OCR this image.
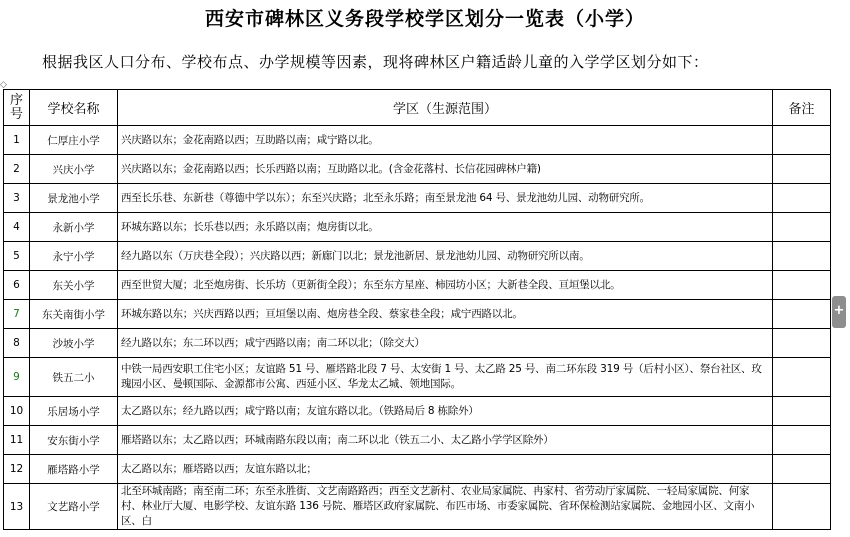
西安市碑林区义务段学校学区划分一览表（小学）
根据我区人口分布、学校布点、办学规模等因素，现将碑林区户籍适龄儿童的入学学区划分如下：
◇
序号	学校名称	学区（生源范围）	备注
1	仁厚庄小学	兴庆路以东；金花南路以西；互助路以南；咸宁路以北。	
2	兴庆小学	兴庆路以东；金花南路以西；长乐西路以南；互助路以北。(含金花落村、长信花园碑林户籍)	
3	景龙池小学	西至长乐巷、东新巷（尊德中学以东）；东至兴庆路；北至永乐路；南至景龙池 64 号、景龙池幼儿园、动物研究所。	
4	永新小学	环城东路以东；长乐巷以西；永乐路以南；炮房街以北。	
5	永宁小学	经九路以东（万庆巷全段）；兴庆路以西；新廊门以北；景龙池新居、景龙池幼儿园、动物研究所以南。	
6	东关小学	西至世贸大厦；北至炮房街、长乐坊（更新街全段）；东至东方星座、柿园坊小区；大新巷全段、亘垣堡以北。	
7	东关南街小学	环城东路以东；兴庆西路以西；亘垣堡以南、炮房巷全段、蔡家巷全段；咸宁西路以北。	
8	沙坡小学	经九路以东；东二环以西；咸宁西路以南；南二环以北；（除交大）	
9	铁五二小	中铁一局西安职工住宅小区；友谊路 51 号、雁塔路北段 7 号、太安街 1 号、太乙路 25 号、南二环东段 319 号（后村小区）、祭台社区、玫瑰园小区、曼顿国际、金源都市公寓、西延小区、华龙太乙城、领地国际。	
10	乐居场小学	太乙路以东；经九路以西；咸宁路以南；友谊东路以北。（铁路局后 8 栋除外）	
11	安东街小学	雁塔路以东；太乙路以西；环城南路东段以南；南二环以北（铁五二小、太乙路小学学区除外）	
12	雁塔路小学	太乙路以东；雁塔路以西；友谊东路以北；	
13	文艺路小学	北至环城南路；南至南二环；东至永胜街、文艺南路路西；西至文艺新村、农业局家属院、冉家村、省劳动厅家属院、一轻局家属院、何家村、林业厅大厦、电影学校、友谊东路 136 号院、雁塔区政府家属院、布匹市场、市委家属院、省环保检测站家属院、金地园小区、文南小区、白	
+
